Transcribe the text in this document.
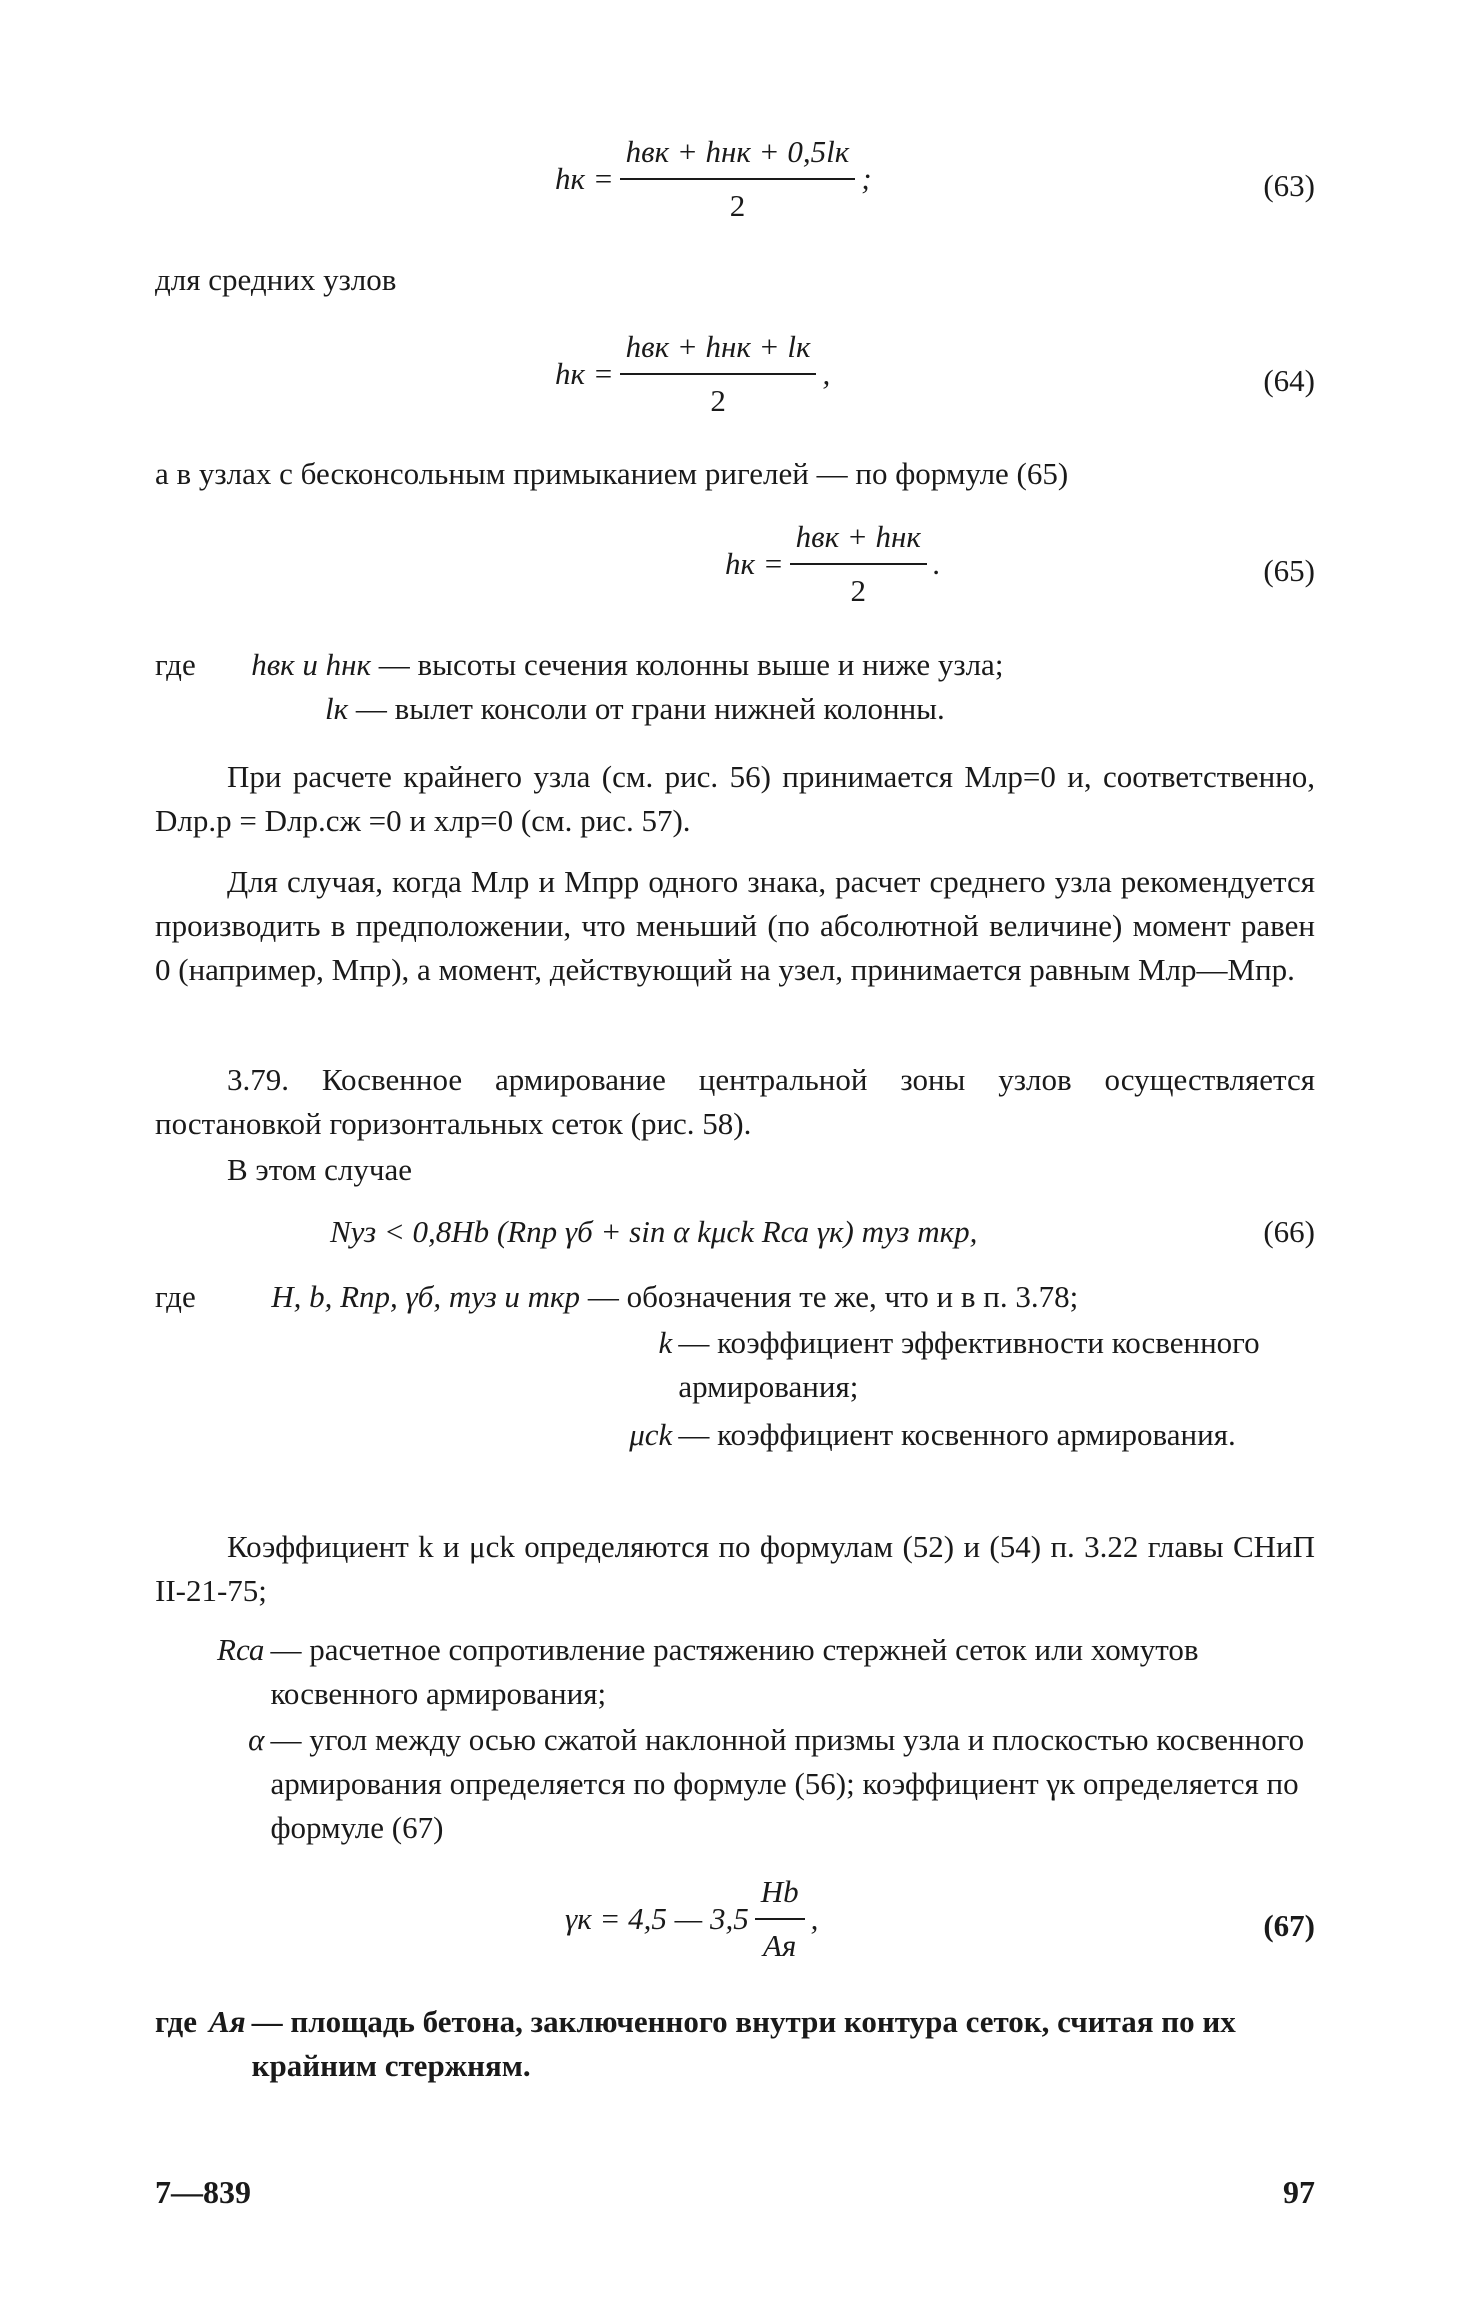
hк = $\frac{\text{hвк + hнк + 0,5lк}}{2}$ ;	(63)

для средних узлов

hк = $\frac{\text{hвк + hнк + lк}}{2}$ ,	(64)

а в узлах с бесконсольным примыканием ригелей — по формуле (65)

hк = $\frac{\text{hвк + hнк}}{2}$ .	(65)
где hвк и hнк — высоты сечения колонны выше и ниже узла;
lк — вылет консоли от грани нижней колонны.

При расчете крайнего узла (см. рис. 56) принимается Mлр=0 и, соответственно, Dлр.р = Dлр.сж =0 и xлр=0 (см. рис. 57).

Для случая, когда Mлр и Mпрр одного знака, расчет среднего узла рекомендуется производить в предположении, что меньший (по абсолютной величине) момент равен 0 (например, Mпр), а момент, действующий на узел, принимается равным Mлр—Mпр.

3.79. Косвенное армирование центральной зоны узлов осуществляется постановкой горизонтальных сеток (рис. 58).

В этом случае

Nуз < 0,8Hb (Rпр γб + sin α kμсk Rса γк) mуз mкр,	(66)
где H, b, Rпр, γб, mуз и mкр — обозначения те же, что и в п. 3.78;
k — коэффициент эффективности косвенного армирования;
μсk — коэффициент косвенного армирования.

Коэффициент k и μсk определяются по формулам (52) и (54) п. 3.22 главы СНиП II-21-75;

Rса — расчетное сопротивление растяжению стержней сеток или хомутов косвенного армирования;
α — угол между осью сжатой наклонной призмы узла и плоскостью косвенного армирования определяется по формуле (56); коэффициент γк определяется по формуле (67)
γк = 4,5 — $3,5 \frac{Hb}{Aя}$ ,	(67)
где Aя — площадь бетона, заключенного внутри контура сеток, считая по их крайним стержням.
7—839	97
